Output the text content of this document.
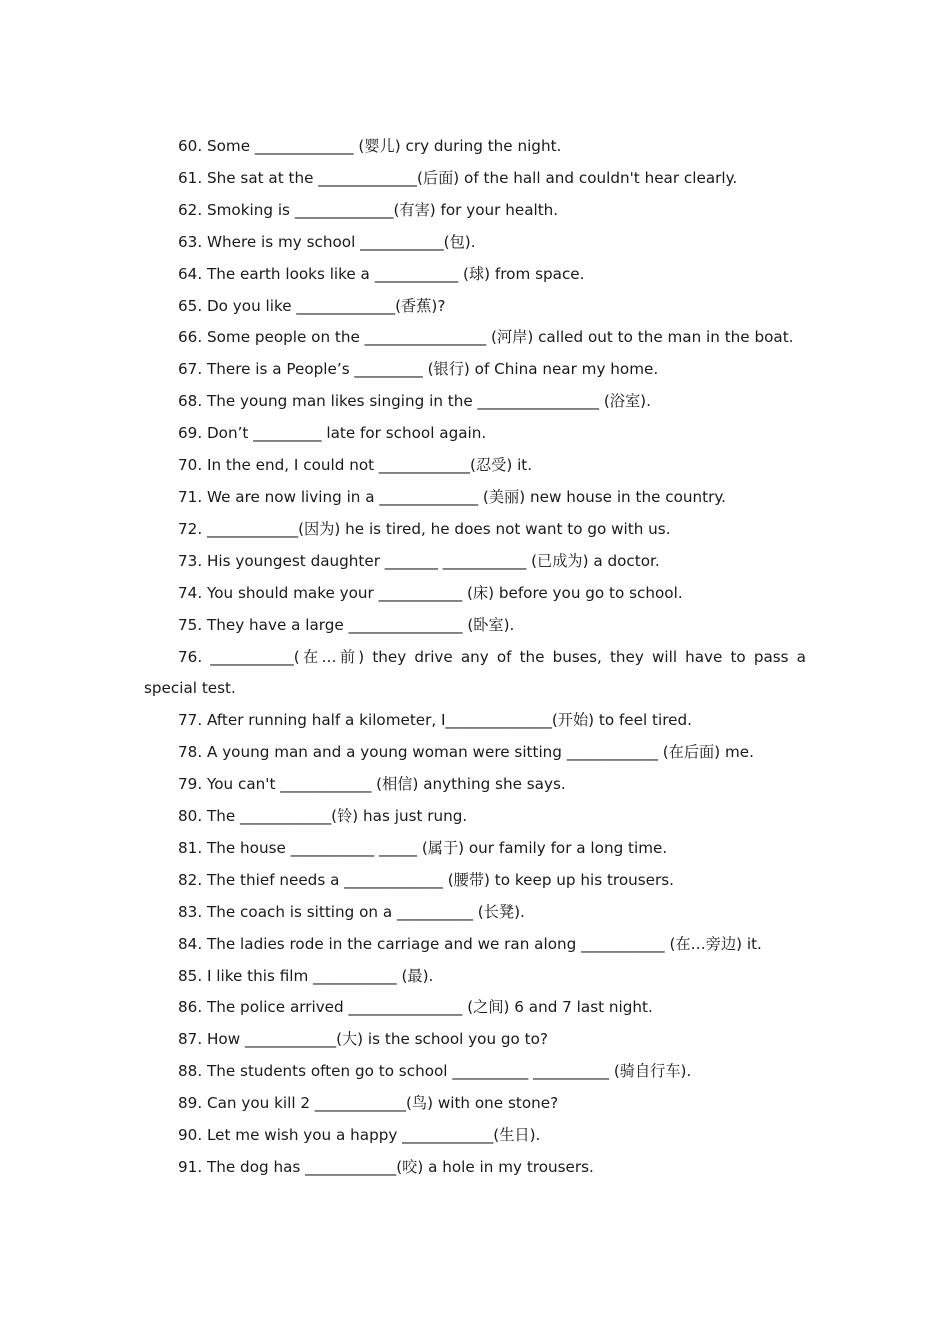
60. Some _____________ (婴儿) cry during the night.
61. She sat at the _____________(后面) of the hall and couldn't hear clearly.
62. Smoking is _____________(有害) for your health.
63. Where is my school ___________(包).
64. The earth looks like a ___________ (球) from space.
65. Do you like _____________(香蕉)?
66. Some people on the ________________ (河岸) called out to the man in the boat.
67. There is a People’s _________ (银行) of China near my home.
68. The young man likes singing in the ________________ (浴室).
69. Don’t _________ late for school again.
70. In the end, I could not ____________(忍受) it.
71. We are now living in a _____________ (美丽) new house in the country.
72. ____________(因为) he is tired, he does not want to go with us.
73. His youngest daughter _______ ___________ (已成为) a doctor.
74. You should make your ___________ (床) before you go to school.
75. They have a large _______________ (卧室).
76. ___________(在…前) they drive any of the buses, they will have to pass a special test.
77. After running half a kilometer, I______________(开始) to feel tired.
78. A young man and a young woman were sitting ____________ (在后面) me.
79. You can't ____________ (相信) anything she says.
80. The ____________(铃) has just rung.
81. The house ___________ _____ (属于) our family for a long time.
82. The thief needs a _____________ (腰带) to keep up his trousers.
83. The coach is sitting on a __________ (长凳).
84. The ladies rode in the carriage and we ran along ___________ (在…旁边) it.
85. I like this film ___________ (最).
86. The police arrived _______________ (之间) 6 and 7 last night.
87. How ____________(大) is the school you go to?
88. The students often go to school __________ __________ (骑自行车).
89. Can you kill 2 ____________(鸟) with one stone?
90. Let me wish you a happy ____________(生日).
91. The dog has ____________(咬) a hole in my trousers.
